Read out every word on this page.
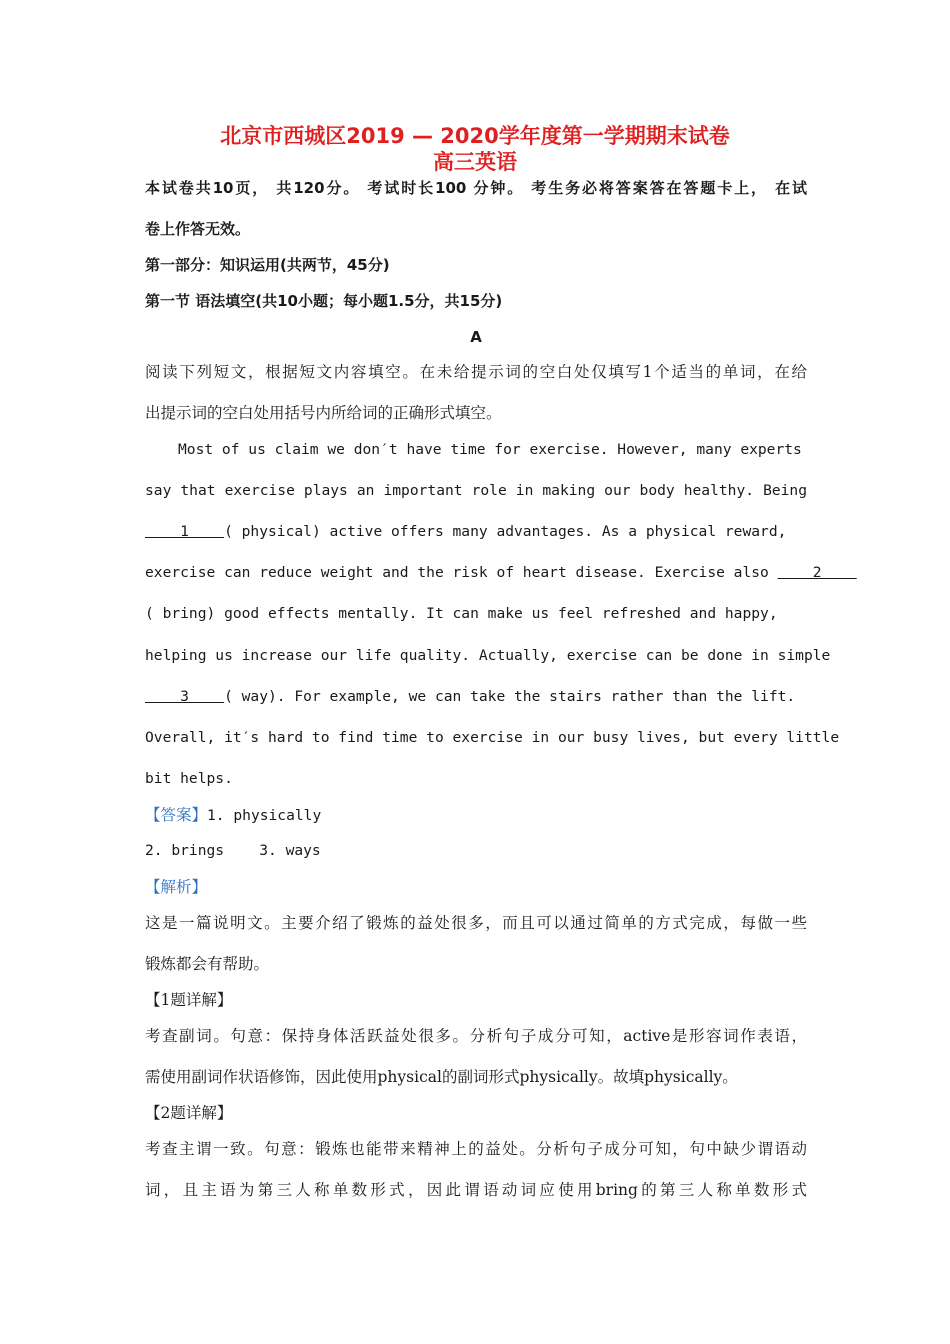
北京市西城区2019 — 2020学年度第一学期期末试卷
高三英语
本试卷共10页， 共120分。 考试时长100 分钟。 考生务必将答案答在答题卡上， 在试
卷上作答无效。
第一部分：知识运用(共两节，45分)
第一节 语法填空(共10小题；每小题1.5分，共15分)
A
阅读下列短文，根据短文内容填空。在未给提示词的空白处仅填写1个适当的单词，在给
出提示词的空白处用括号内所给词的正确形式填空。
Most of us claim we don′t have time for exercise. However, many experts
say that exercise plays an important role in making our body healthy. Being
1    ( physical) active offers many advantages. As a physical reward,
exercise can reduce weight and the risk of heart disease. Exercise also     2
( bring) good effects mentally. It can make us feel refreshed and happy,
helping us increase our life quality. Actually, exercise can be done in simple
3    ( way). For example, we can take the stairs rather than the lift.
Overall, it′s hard to find time to exercise in our busy lives, but every little
bit helps.
【答案】1. physically
2. brings    3. ways
【解析】
这是一篇说明文。主要介绍了锻炼的益处很多，而且可以通过简单的方式完成，每做一些
锻炼都会有帮助。
【1题详解】
考查副词。句意：保持身体活跃益处很多。分析句子成分可知，active是形容词作表语，
需使用副词作状语修饰，因此使用physical的副词形式physically。故填physically。
【2题详解】
考查主谓一致。句意：锻炼也能带来精神上的益处。分析句子成分可知，句中缺少谓语动
词，且主语为第三人称单数形式，因此谓语动词应使用bring的第三人称单数形式
